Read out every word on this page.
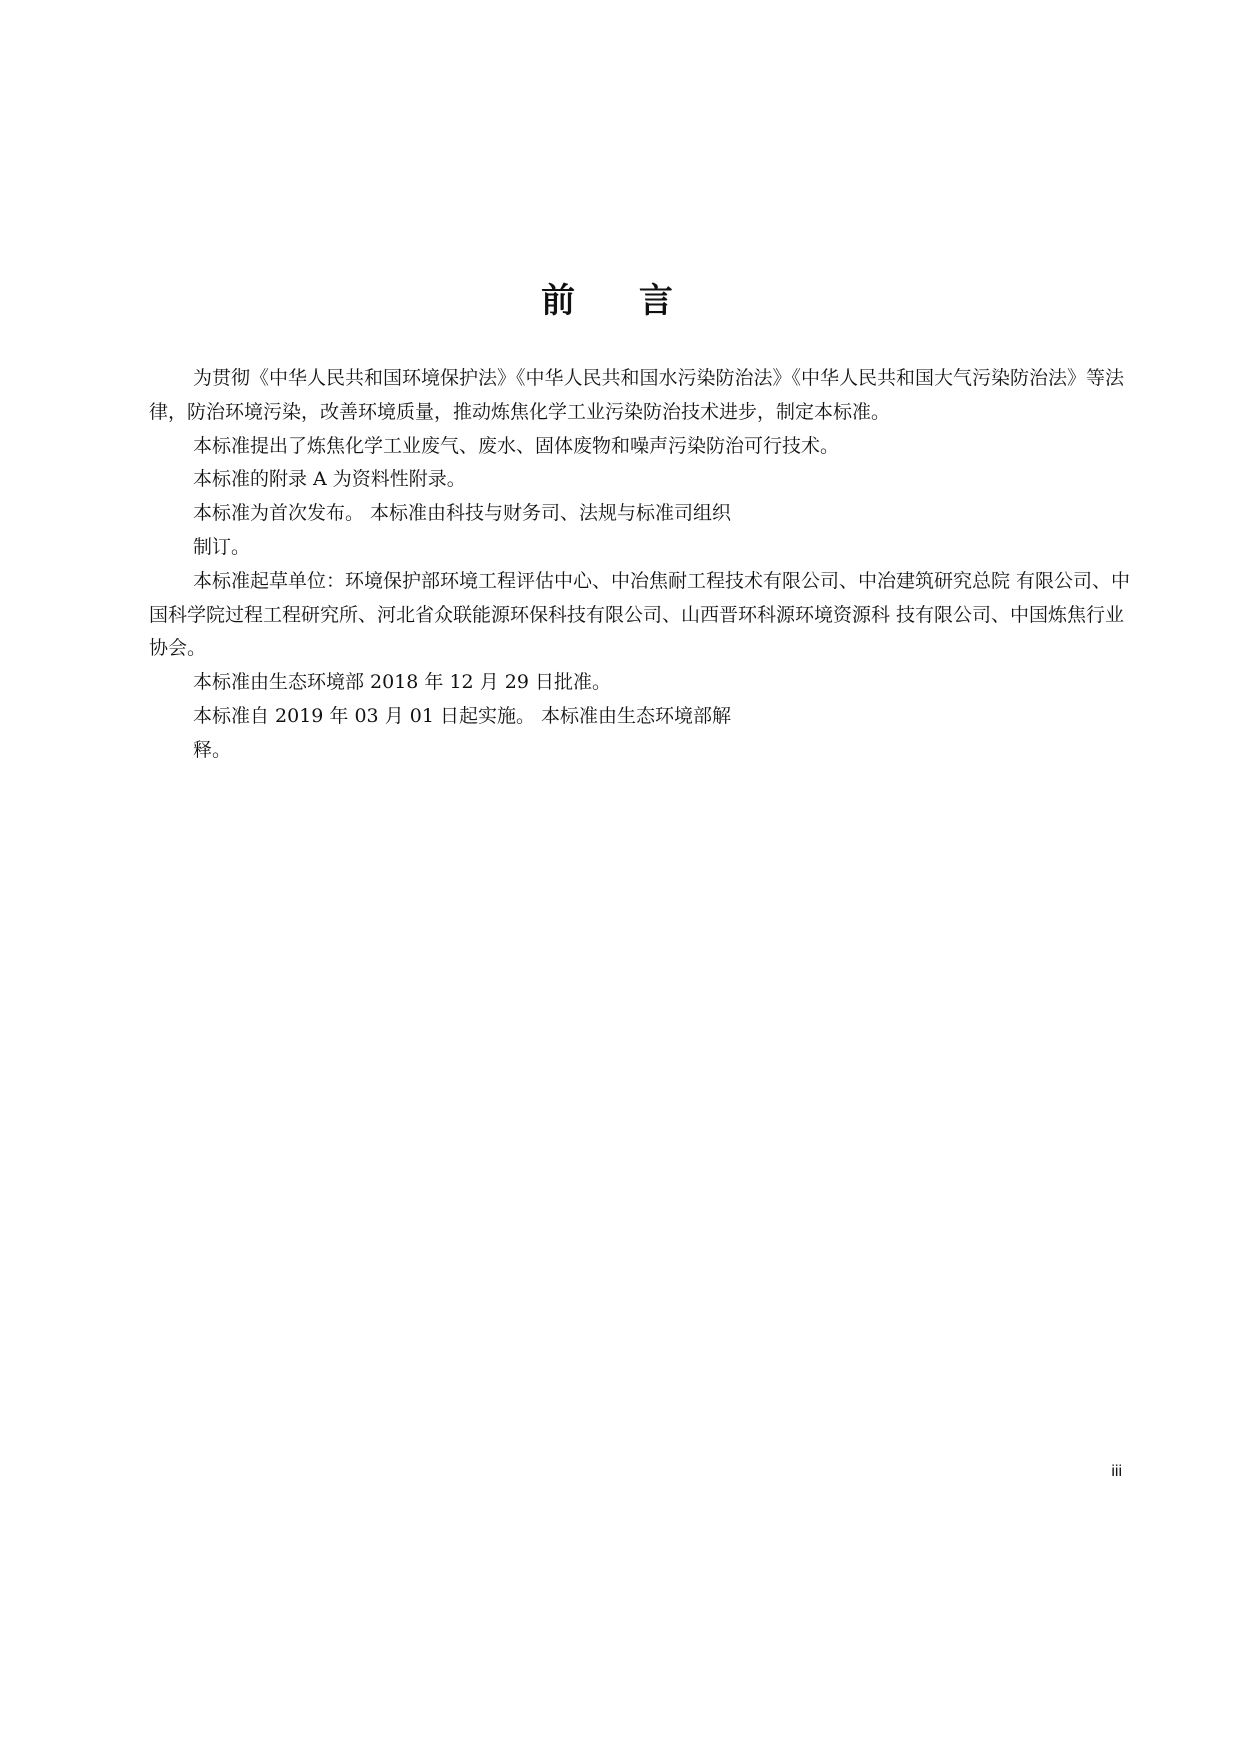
前 言

为贯彻《中华人民共和国环境保护法》《中华人民共和国水污染防治法》《中华人民共和国大气污染防治法》等法律，防治环境污染，改善环境质量，推动炼焦化学工业污染防治技术进步，制定本标准。

本标准提出了炼焦化学工业废气、废水、固体废物和噪声污染防治可行技术。

本标准的附录 A 为资料性附录。

本标准为首次发布。 本标准由科技与财务司、法规与标准司组织

制订。

本标准起草单位：环境保护部环境工程评估中心、中冶焦耐工程技术有限公司、中冶建筑研究总院 有限公司、中国科学院过程工程研究所、河北省众联能源环保科技有限公司、山西晋环科源环境资源科 技有限公司、中国炼焦行业协会。

本标准由生态环境部 2018 年 12 月 29 日批准。

本标准自 2019 年 03 月 01 日起实施。 本标准由生态环境部解

释。

iii
